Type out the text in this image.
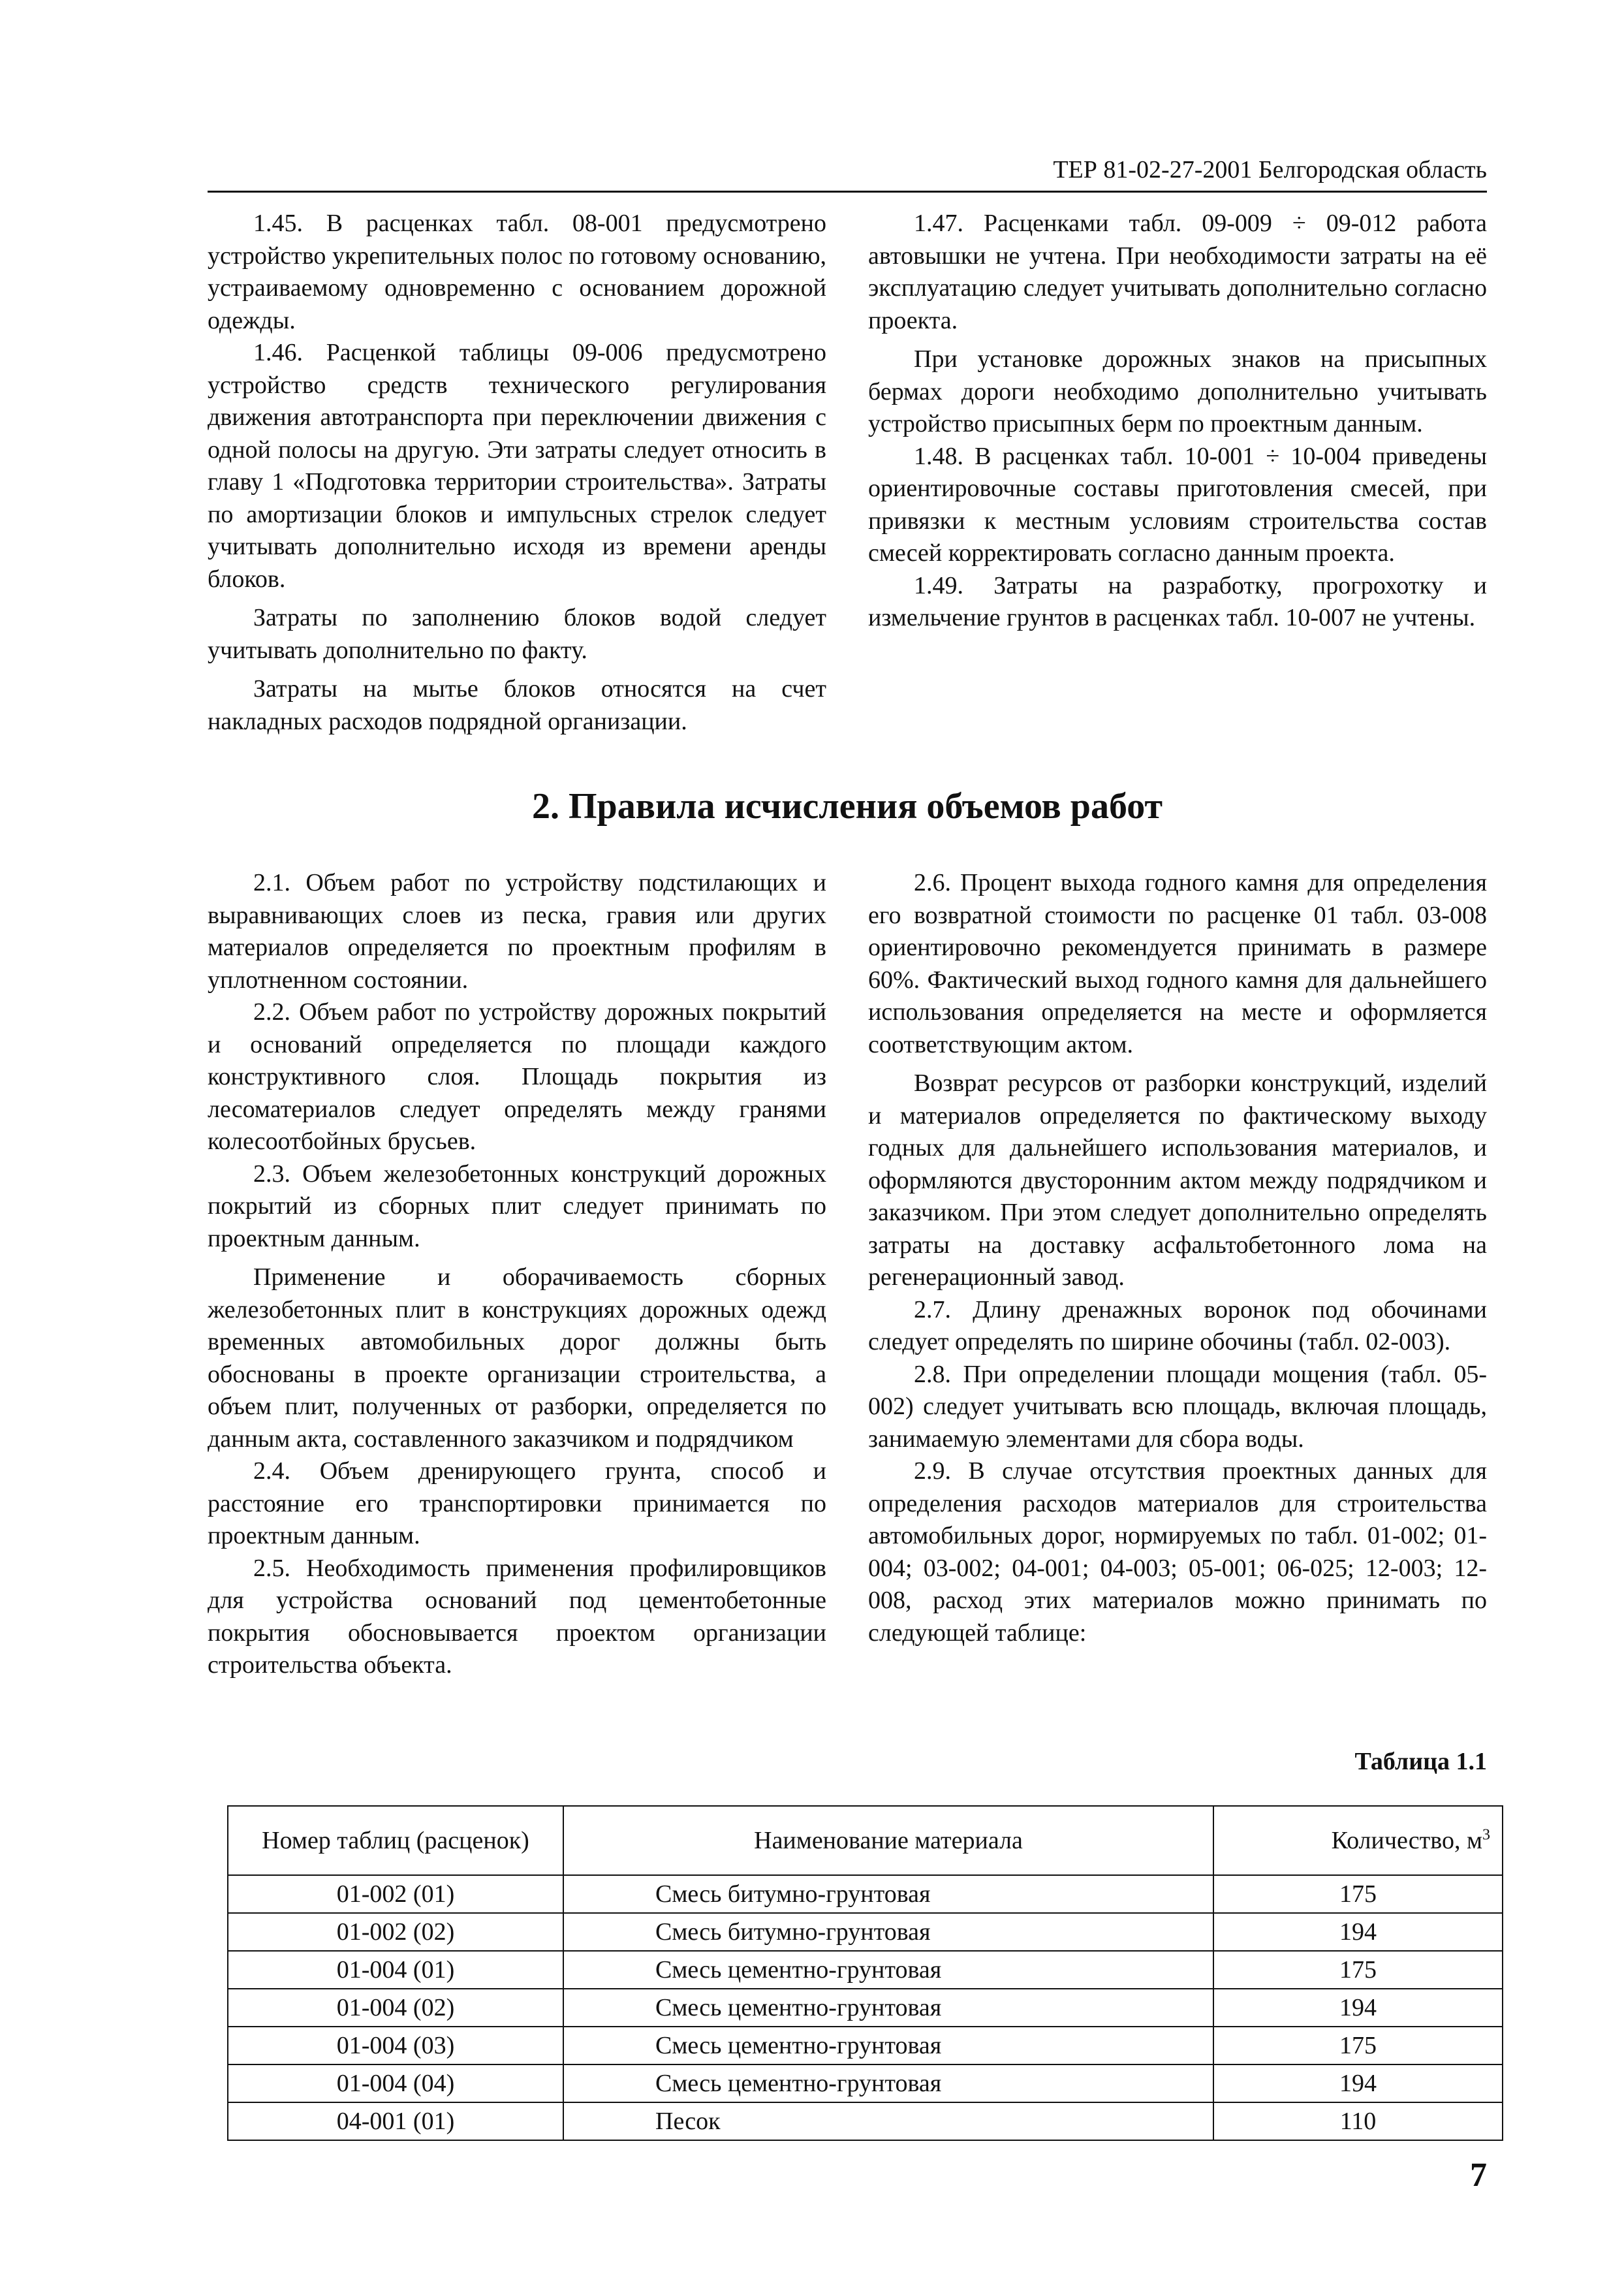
ТЕР 81-02-27-2001 Белгородская область

1.45. В расценках табл. 08-001 предусмотрено устройство укрепительных полос по готовому основанию, устраиваемому одновременно с основанием дорожной одежды.

1.46. Расценкой таблицы 09-006 предусмотрено устройство средств технического регулирования движения автотранспорта при переключении движения с одной полосы на другую. Эти затраты следует относить в главу 1 «Подготовка территории строительства». Затраты по амортизации блоков и импульсных стрелок следует учитывать дополнительно исходя из времени аренды блоков.

Затраты по заполнению блоков водой следует учитывать дополнительно по факту.

Затраты на мытье блоков относятся на счет накладных расходов подрядной организации.

1.47. Расценками табл. 09-009 ÷ 09-012 работа автовышки не учтена. При необходимости затраты на её эксплуатацию следует учитывать дополнительно согласно проекта.

При установке дорожных знаков на присыпных бермах дороги необходимо дополнительно учитывать устройство присыпных берм по проектным данным.

1.48. В расценках табл. 10-001 ÷ 10-004 приведены ориентировочные составы приготовления смесей, при привязки к местным условиям строительства состав смесей корректировать согласно данным проекта.

1.49. Затраты на разработку, прогрохотку и измельчение грунтов в расценках табл. 10-007 не учтены.

2. Правила исчисления объемов работ

2.1. Объем работ по устройству подстилающих и выравнивающих слоев из песка, гравия или других материалов определяется по проектным профилям в уплотненном состоянии.

2.2. Объем работ по устройству дорожных покрытий и оснований определяется по площади каждого конструктивного слоя. Площадь покрытия из лесоматериалов следует определять между гранями колесоотбойных брусьев.

2.3. Объем железобетонных конструкций дорожных покрытий из сборных плит следует принимать по проектным данным.

Применение и оборачиваемость сборных железобетонных плит в конструкциях дорожных одежд временных автомобильных дорог должны быть обоснованы в проекте организации строительства, а объем плит, полученных от разборки, определяется по данным акта, составленного заказчиком и подрядчиком

2.4. Объем дренирующего грунта, способ и расстояние его транспортировки принимается по проектным данным.

2.5. Необходимость применения профилировщиков для устройства оснований под цементобетонные покрытия обосновывается проектом организации строительства объекта.

2.6. Процент выхода годного камня для определения его возвратной стоимости по расценке 01 табл. 03-008 ориентировочно рекомендуется принимать в размере 60%. Фактический выход годного камня для дальнейшего использования определяется на месте и оформляется соответствующим актом.

Возврат ресурсов от разборки конструкций, изделий и материалов определяется по фактическому выходу годных для дальнейшего использования материалов, и оформляются двусторонним актом между подрядчиком и заказчиком. При этом следует дополнительно определять затраты на доставку асфальтобетонного лома на регенерационный завод.

2.7. Длину дренажных воронок под обочинами следует определять по ширине обочины (табл. 02-003).

2.8. При определении площади мощения (табл. 05-002) следует учитывать всю площадь, включая площадь, занимаемую элементами для сбора воды.

2.9. В случае отсутствия проектных данных для определения расходов материалов для строительства автомобильных дорог, нормируемых по табл. 01-002; 01-004; 03-002; 04-001; 04-003; 05-001; 06-025; 12-003; 12-008, расход этих материалов можно принимать по следующей таблице:

Таблица 1.1
Номер таблиц (расценок)	Наименование материала	Количество, $м^3$
01-002 (01)	Смесь битумно-грунтовая	175
01-002 (02)	Смесь битумно-грунтовая	194
01-004 (01)	Смесь цементно-грунтовая	175
01-004 (02)	Смесь цементно-грунтовая	194
01-004 (03)	Смесь цементно-грунтовая	175
01-004 (04)	Смесь цементно-грунтовая	194
04-001 (01)	Песок	110
7
